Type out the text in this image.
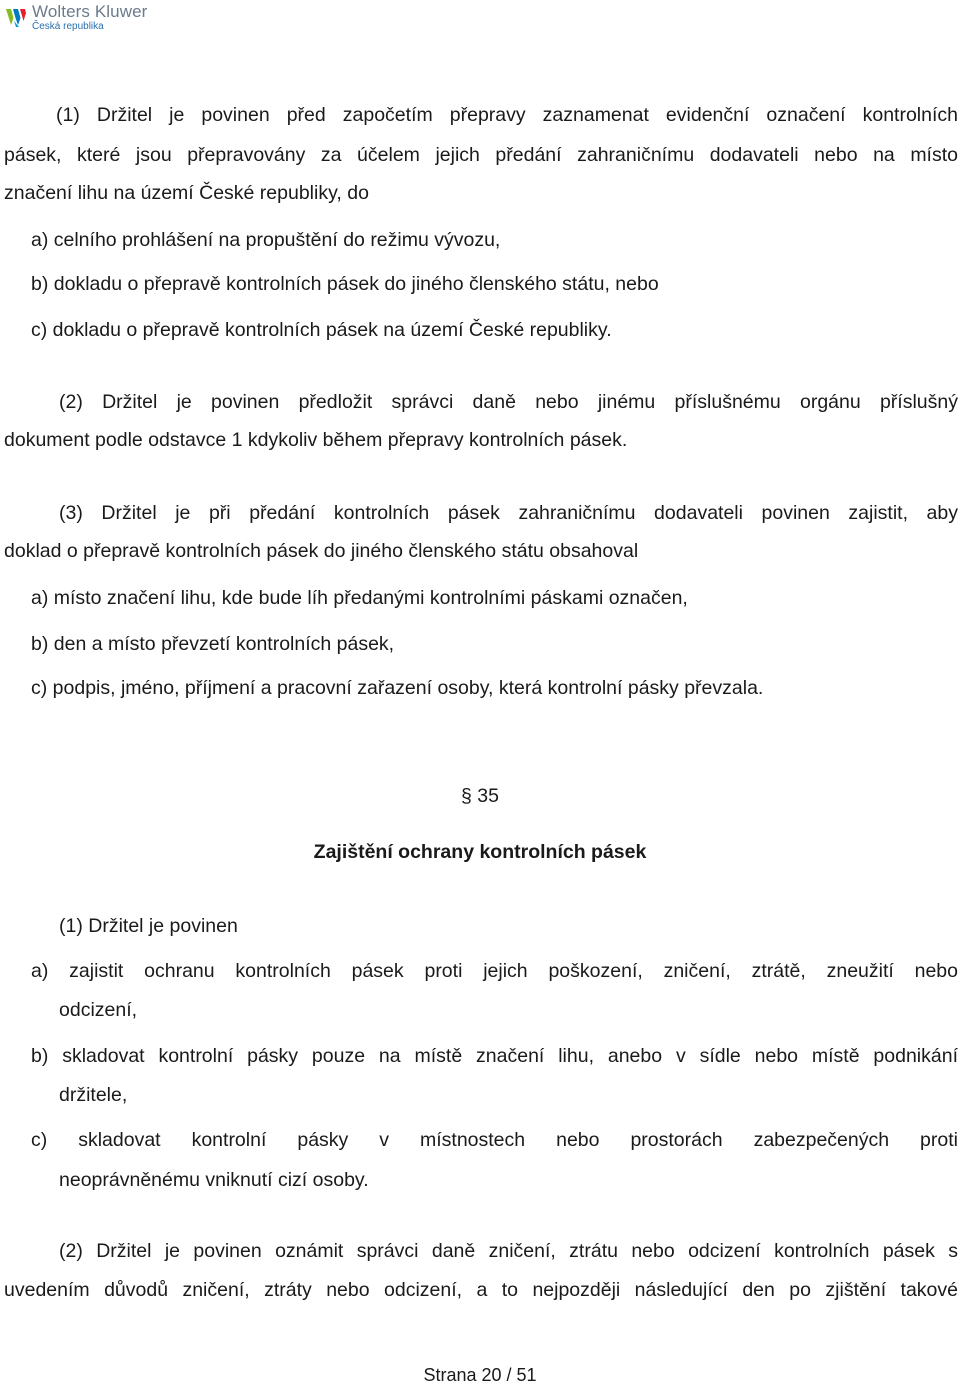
Wolters Kluwer
Česká republika
(1) Držitel je povinen před započetím přepravy zaznamenat evidenční označení kontrolních
pásek, které jsou přepravovány za účelem jejich předání zahraničnímu dodavateli nebo na místo
značení lihu na území České republiky, do
a) celního prohlášení na propuštění do režimu vývozu,
b) dokladu o přepravě kontrolních pásek do jiného členského státu, nebo
c) dokladu o přepravě kontrolních pásek na území České republiky.
(2) Držitel je povinen předložit správci daně nebo jinému příslušnému orgánu příslušný
dokument podle odstavce 1 kdykoliv během přepravy kontrolních pásek.
(3) Držitel je při předání kontrolních pásek zahraničnímu dodavateli povinen zajistit, aby
doklad o přepravě kontrolních pásek do jiného členského státu obsahoval
a) místo značení lihu, kde bude líh předanými kontrolními páskami označen,
b) den a místo převzetí kontrolních pásek,
c) podpis, jméno, příjmení a pracovní zařazení osoby, která kontrolní pásky převzala.
§ 35
Zajištění ochrany kontrolních pásek
(1) Držitel je povinen
a) zajistit ochranu kontrolních pásek proti jejich poškození, zničení, ztrátě, zneužití nebo
odcizení,
b) skladovat kontrolní pásky pouze na místě značení lihu, anebo v sídle nebo místě podnikání
držitele,
c) skladovat kontrolní pásky v místnostech nebo prostorách zabezpečených proti
neoprávněnému vniknutí cizí osoby.
(2) Držitel je povinen oznámit správci daně zničení, ztrátu nebo odcizení kontrolních pásek s
uvedením důvodů zničení, ztráty nebo odcizení, a to nejpozději následující den po zjištění takové
Strana 20 / 51
